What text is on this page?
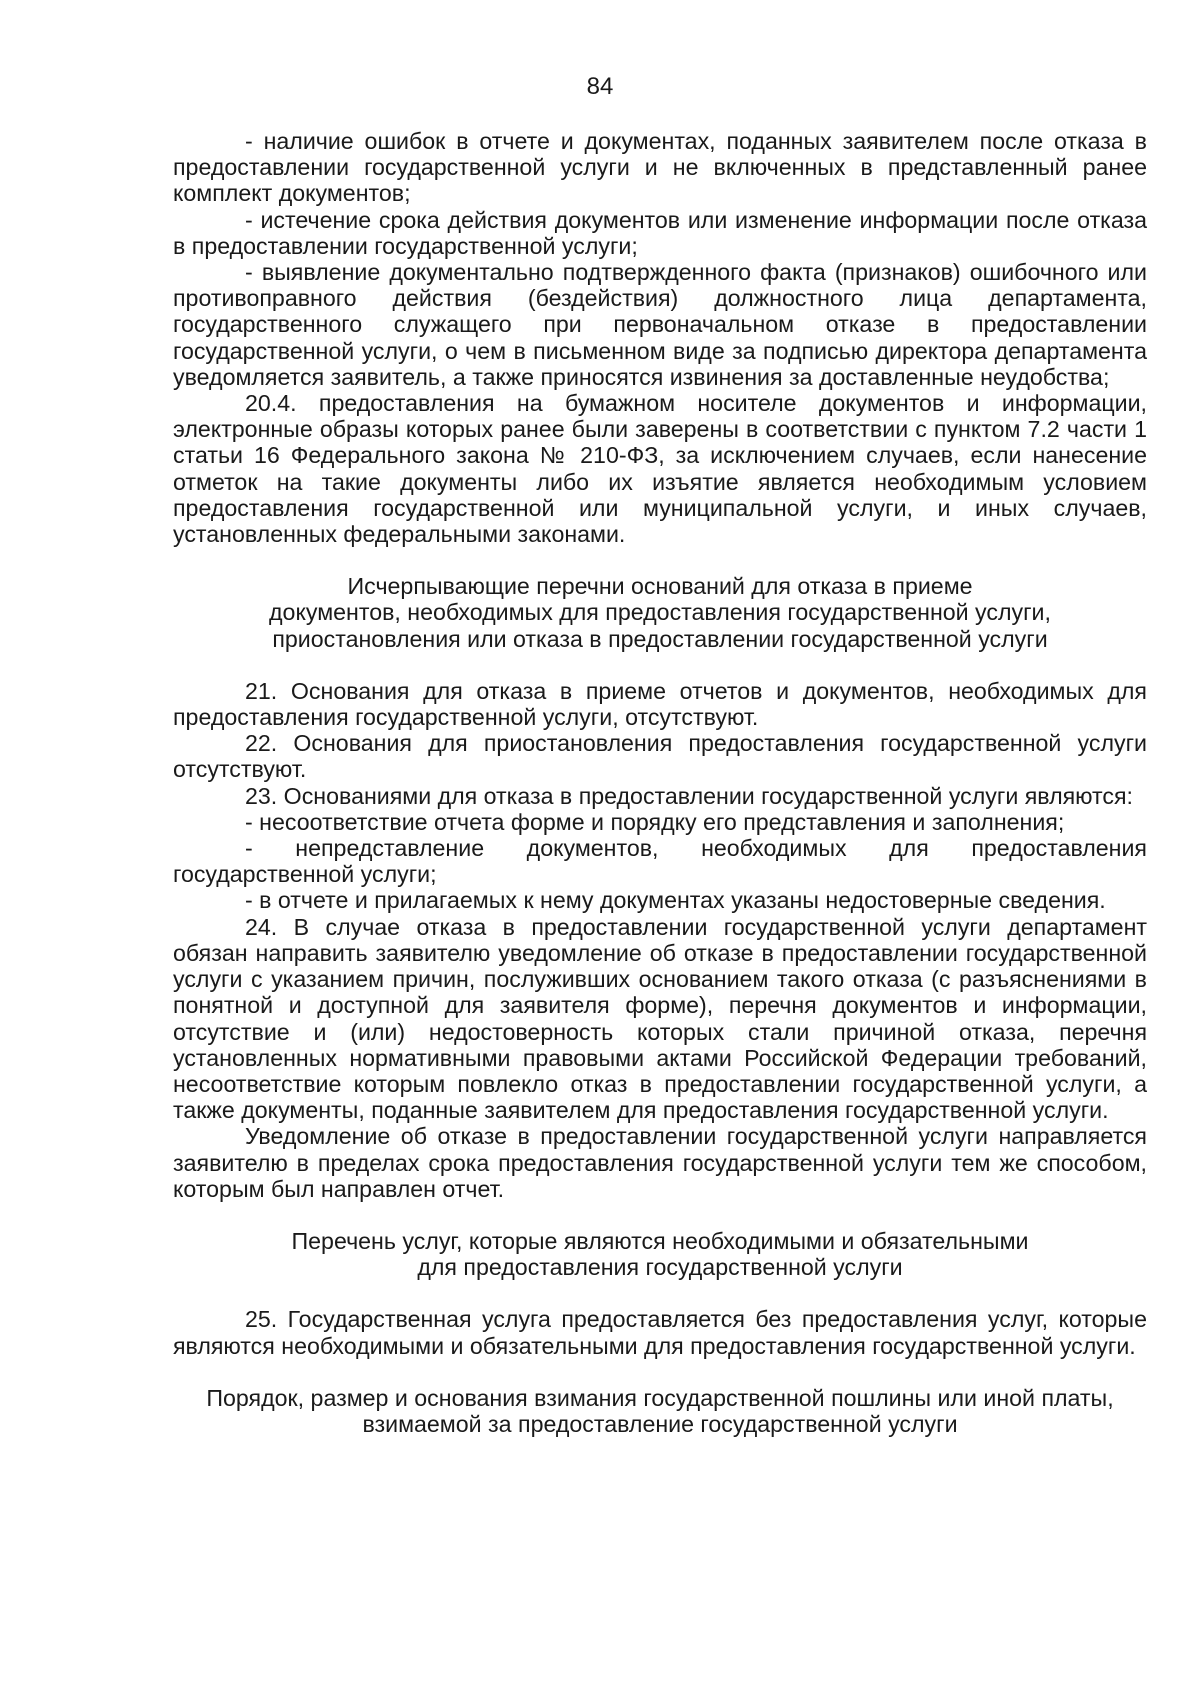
84

- наличие ошибок в отчете и документах, поданных заявителем после отказа в предоставлении государственной услуги и не включенных в представленный ранее комплект документов;

- истечение срока действия документов или изменение информации после отказа в предоставлении государственной услуги;

- выявление документально подтвержденного факта (признаков) ошибочного или противоправного действия (бездействия) должностного лица департамента, государственного служащего при первоначальном отказе в предоставлении государственной услуги, о чем в письменном виде за подписью директора департамента уведомляется заявитель, а также приносятся извинения за доставленные неудобства;

20.4. предоставления на бумажном носителе документов и информации, электронные образы которых ранее были заверены в соответствии с пунктом 7.2 части 1 статьи 16 Федерального закона № 210-ФЗ, за исключением случаев, если нанесение отметок на такие документы либо их изъятие является необходимым условием предоставления государственной или муниципальной услуги, и иных случаев, установленных федеральными законами.

Исчерпывающие перечни оснований для отказа в приеме
документов, необходимых для предоставления государственной услуги,
приостановления или отказа в предоставлении государственной услуги

21. Основания для отказа в приеме отчетов и документов, необходимых для предоставления государственной услуги, отсутствуют.

22. Основания для приостановления предоставления государственной услуги отсутствуют.

23. Основаниями для отказа в предоставлении государственной услуги являются:

- несоответствие отчета форме и порядку его представления и заполнения;

- непредставление документов, необходимых для предоставления государственной услуги;

- в отчете и прилагаемых к нему документах указаны недостоверные сведения.

24. В случае отказа в предоставлении государственной услуги департамент обязан направить заявителю уведомление об отказе в предоставлении государственной услуги с указанием причин, послуживших основанием такого отказа (с разъяснениями в понятной и доступной для заявителя форме), перечня документов и информации, отсутствие и (или) недостоверность которых стали причиной отказа, перечня установленных нормативными правовыми актами Российской Федерации требований, несоответствие которым повлекло отказ в предоставлении государственной услуги, а также документы, поданные заявителем для предоставления государственной услуги.

Уведомление об отказе в предоставлении государственной услуги направляется заявителю в пределах срока предоставления государственной услуги тем же способом, которым был направлен отчет.

Перечень услуг, которые являются необходимыми и обязательными
для предоставления государственной услуги

25. Государственная услуга предоставляется без предоставления услуг, которые являются необходимыми и обязательными для предоставления государственной услуги.

Порядок, размер и основания взимания государственной пошлины или иной платы,
взимаемой за предоставление государственной услуги
